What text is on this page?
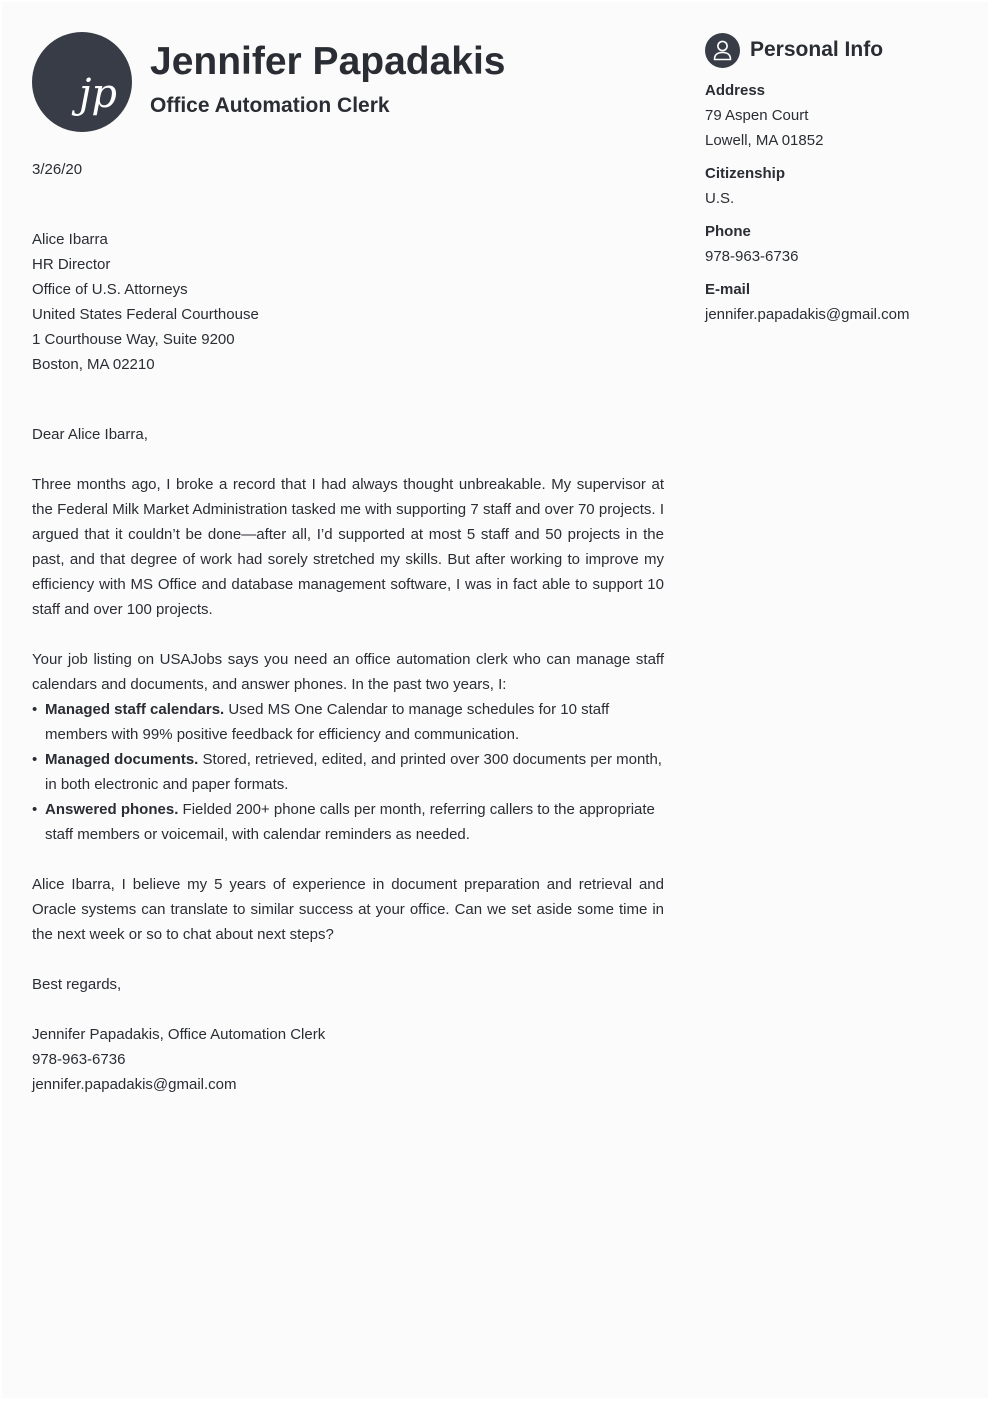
jp
Jennifer Papadakis
Office Automation Clerk

3/26/20

Alice Ibarra

HR Director

Office of U.S. Attorneys

United States Federal Courthouse

1 Courthouse Way, Suite 9200

Boston, MA 02210

Dear Alice Ibarra,

Three months ago, I broke a record that I had always thought unbreakable. My supervisor at the Federal Milk Market Administration tasked me with supporting 7 staff and over 70 projects. I argued that it couldn’t be done—after all, I’d supported at most 5 staff and 50 projects in the past, and that degree of work had sorely stretched my skills. But after working to improve my efficiency with MS Office and database management software, I was in fact able to support 10 staff and over 100 projects.

Your job listing on USAJobs says you need an office automation clerk who can manage staff calendars and documents, and answer phones. In the past two years, I:

• Managed staff calendars. Used MS One Calendar to manage schedules for 10 staff members with 99% positive feedback for efficiency and communication.
• Managed documents. Stored, retrieved, edited, and printed over 300 documents per month, in both electronic and paper formats.
• Answered phones. Fielded 200+ phone calls per month, referring callers to the appropriate staff members or voicemail, with calendar reminders as needed.

Alice Ibarra, I believe my 5 years of experience in document preparation and retrieval and Oracle systems can translate to similar success at your office. Can we set aside some time in the next week or so to chat about next steps?

Best regards,

Jennifer Papadakis, Office Automation Clerk

978-963-6736

jennifer.papadakis@gmail.com

Personal Info
Address
79 Aspen Court
Lowell, MA 01852
Citizenship
U.S.
Phone
978-963-6736
E-mail
jennifer.papadakis@gmail.com
